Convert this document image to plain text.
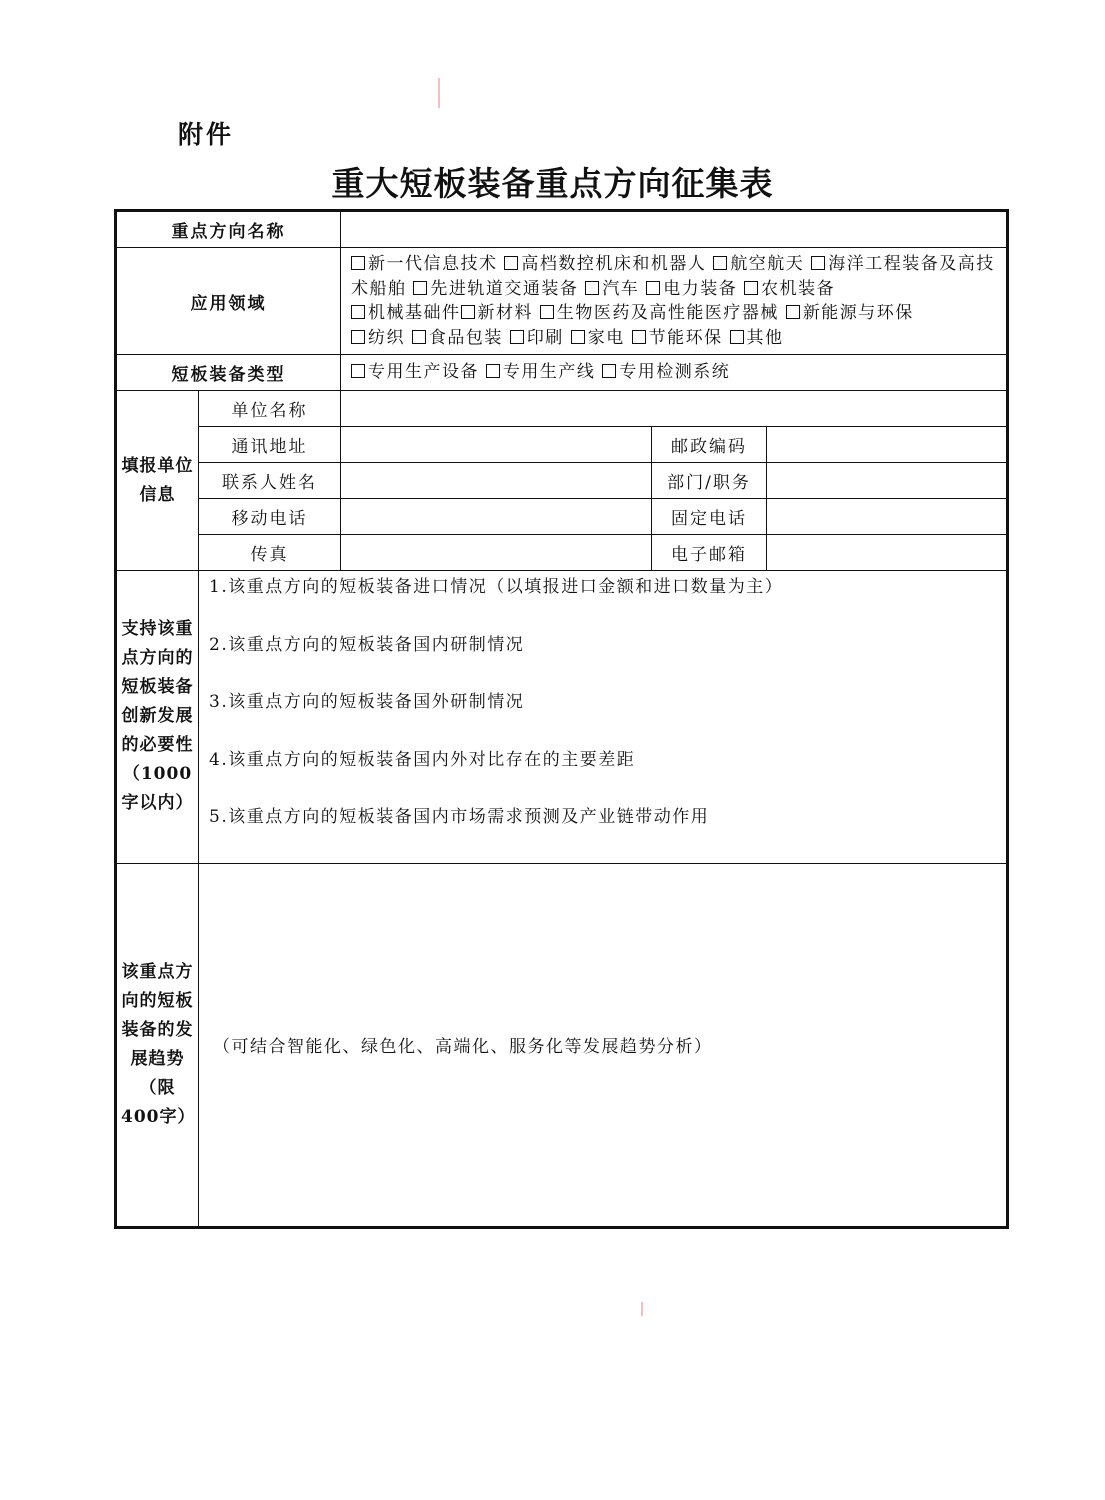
附件
重大短板装备重点方向征集表
重点方向名称				
应用领域		新一代信息技术 高档数控机床和机器人 航空航天 海洋工程装备及高技术船舶 先进轨道交通装备 汽车 电力装备 农机装备
机械基础件 新材料 生物医药及高性能医疗器械 新能源与环保
纺织 食品包装 印刷 家电 节能环保 其他		
短板装备类型		专用生产设备 专用生产线 专用检测系统		
填报单位信息	单位名称			
	通讯地址		邮政编码	
	联系人姓名		部门/职务	
	移动电话		固定电话	
	传真		电子邮箱	
支持该重点方向的短板装备创新发展的必要性（1000字以内）	1.该重点方向的短板装备进口情况（以填报进口金额和进口数量为主）
2.该重点方向的短板装备国内研制情况
3.该重点方向的短板装备国外研制情况
4.该重点方向的短板装备国内外对比存在的主要差距
5.该重点方向的短板装备国内市场需求预测及产业链带动作用			

该重点方向的短板装备的发展趋势（限400字）	（可结合智能化、绿色化、高端化、服务化等发展趋势分析）			
